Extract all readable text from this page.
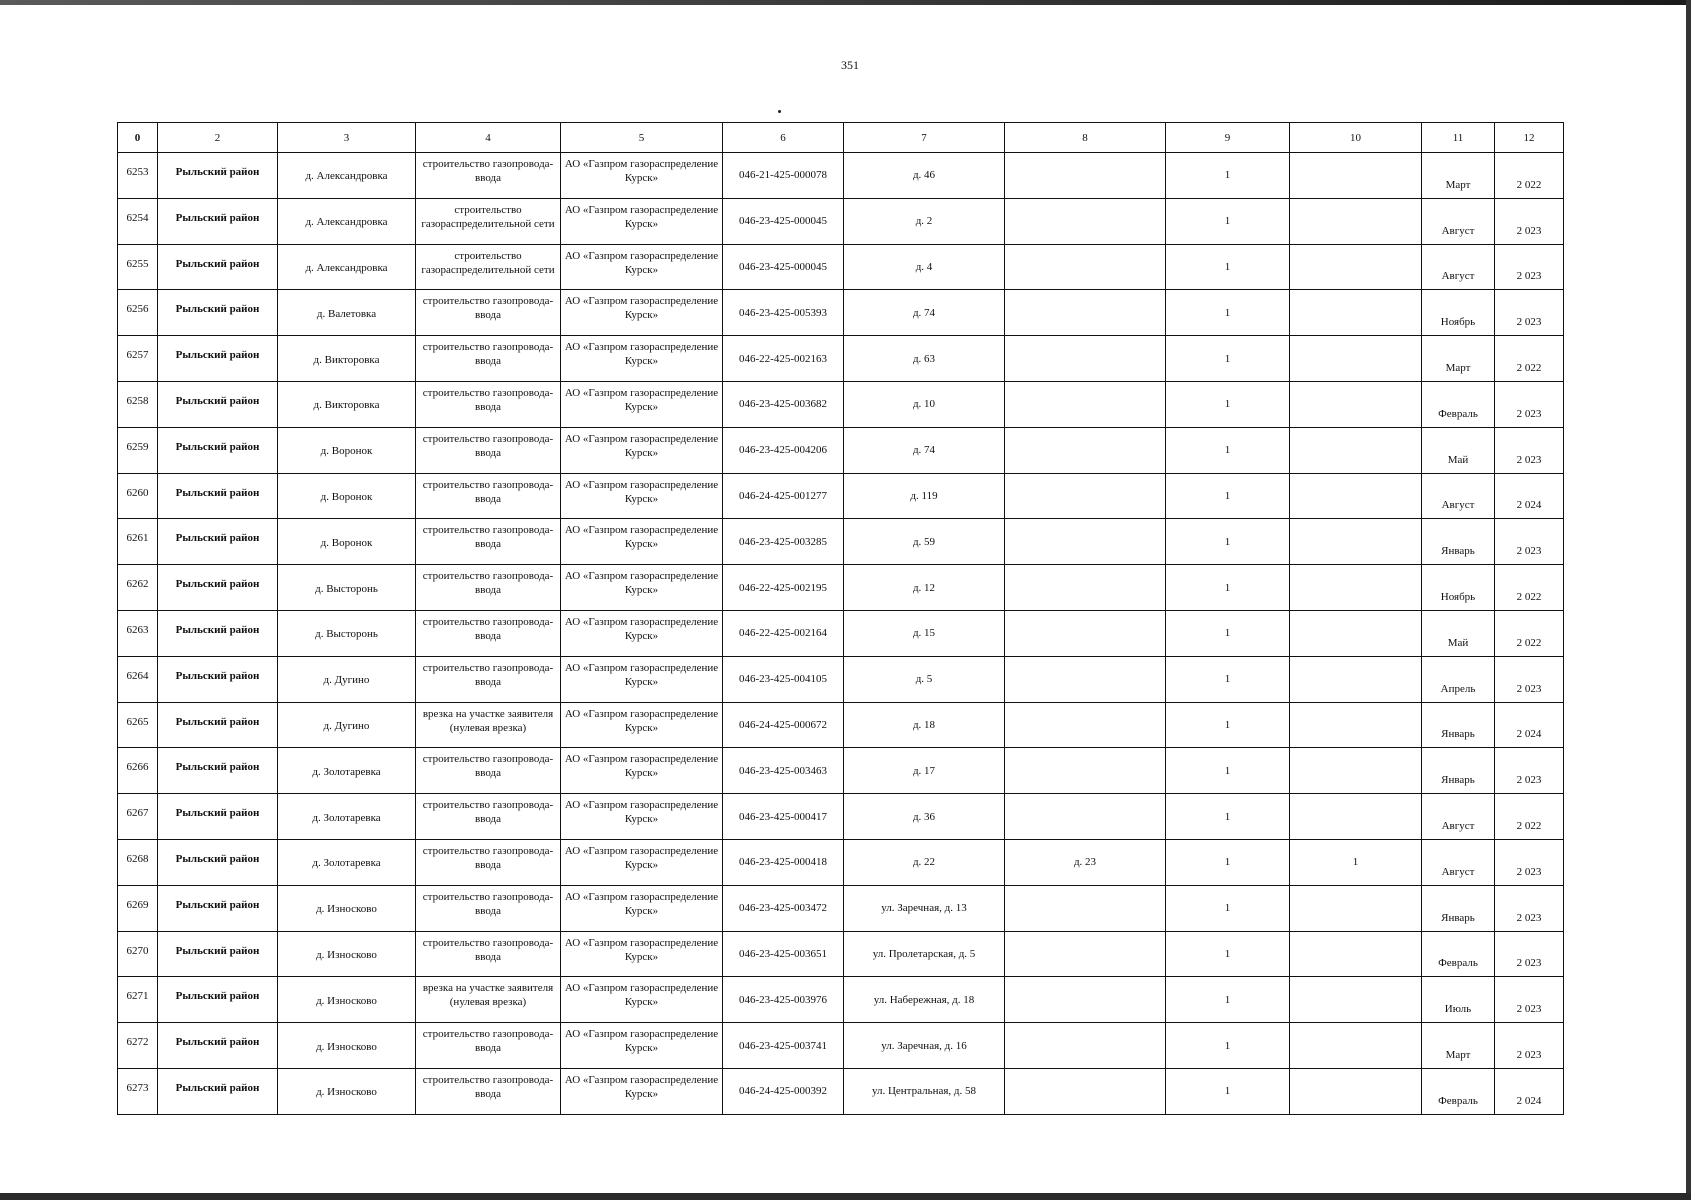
351
0	2	3	4	5	6	7	8	9	10	11	12
6253	Рыльский район	д. Александровка	строительство газопровода-ввода	АО «Газпром газораспределение Курск»	046-21-425-000078	д. 46		1		Март	2 022
6254	Рыльский район	д. Александровка	строительство газораспределительной сети	АО «Газпром газораспределение Курск»	046-23-425-000045	д. 2		1		Август	2 023
6255	Рыльский район	д. Александровка	строительство газораспределительной сети	АО «Газпром газораспределение Курск»	046-23-425-000045	д. 4		1		Август	2 023
6256	Рыльский район	д. Валетовка	строительство газопровода-ввода	АО «Газпром газораспределение Курск»	046-23-425-005393	д. 74		1		Ноябрь	2 023
6257	Рыльский район	д. Викторовка	строительство газопровода-ввода	АО «Газпром газораспределение Курск»	046-22-425-002163	д. 63		1		Март	2 022
6258	Рыльский район	д. Викторовка	строительство газопровода-ввода	АО «Газпром газораспределение Курск»	046-23-425-003682	д. 10		1		Февраль	2 023
6259	Рыльский район	д. Воронок	строительство газопровода-ввода	АО «Газпром газораспределение Курск»	046-23-425-004206	д. 74		1		Май	2 023
6260	Рыльский район	д. Воронок	строительство газопровода-ввода	АО «Газпром газораспределение Курск»	046-24-425-001277	д. 119		1		Август	2 024
6261	Рыльский район	д. Воронок	строительство газопровода-ввода	АО «Газпром газораспределение Курск»	046-23-425-003285	д. 59		1		Январь	2 023
6262	Рыльский район	д. Высторонь	строительство газопровода-ввода	АО «Газпром газораспределение Курск»	046-22-425-002195	д. 12		1		Ноябрь	2 022
6263	Рыльский район	д. Высторонь	строительство газопровода-ввода	АО «Газпром газораспределение Курск»	046-22-425-002164	д. 15		1		Май	2 022
6264	Рыльский район	д. Дугино	строительство газопровода-ввода	АО «Газпром газораспределение Курск»	046-23-425-004105	д. 5		1		Апрель	2 023
6265	Рыльский район	д. Дугино	врезка на участке заявителя (нулевая врезка)	АО «Газпром газораспределение Курск»	046-24-425-000672	д. 18		1		Январь	2 024
6266	Рыльский район	д. Золотаревка	строительство газопровода-ввода	АО «Газпром газораспределение Курск»	046-23-425-003463	д. 17		1		Январь	2 023
6267	Рыльский район	д. Золотаревка	строительство газопровода-ввода	АО «Газпром газораспределение Курск»	046-23-425-000417	д. 36		1		Август	2 022
6268	Рыльский район	д. Золотаревка	строительство газопровода-ввода	АО «Газпром газораспределение Курск»	046-23-425-000418	д. 22	д. 23	1	1	Август	2 023
6269	Рыльский район	д. Износково	строительство газопровода-ввода	АО «Газпром газораспределение Курск»	046-23-425-003472	ул. Заречная, д. 13		1		Январь	2 023
6270	Рыльский район	д. Износково	строительство газопровода-ввода	АО «Газпром газораспределение Курск»	046-23-425-003651	ул. Пролетарская, д. 5		1		Февраль	2 023
6271	Рыльский район	д. Износково	врезка на участке заявителя (нулевая врезка)	АО «Газпром газораспределение Курск»	046-23-425-003976	ул. Набережная, д. 18		1		Июль	2 023
6272	Рыльский район	д. Износково	строительство газопровода-ввода	АО «Газпром газораспределение Курск»	046-23-425-003741	ул. Заречная, д. 16		1		Март	2 023
6273	Рыльский район	д. Износково	строительство газопровода-ввода	АО «Газпром газораспределение Курск»	046-24-425-000392	ул. Центральная, д. 58		1		Февраль	2 024
